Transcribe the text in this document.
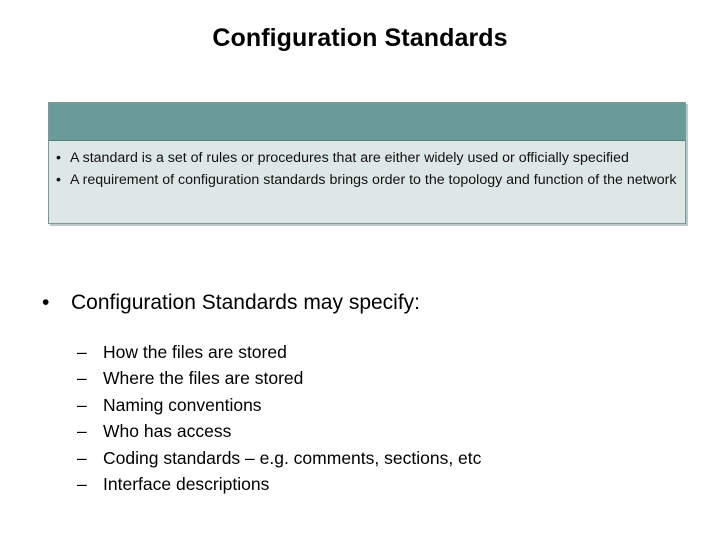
Configuration Standards
• A standard is a set of rules or procedures that are either widely used or officially specified
• A requirement of configuration standards brings order to the topology and function of the network
• Configuration Standards may specify:
– How the files are stored
– Where the files are stored
– Naming conventions
– Who has access
– Coding standards – e.g. comments, sections, etc
– Interface descriptions
